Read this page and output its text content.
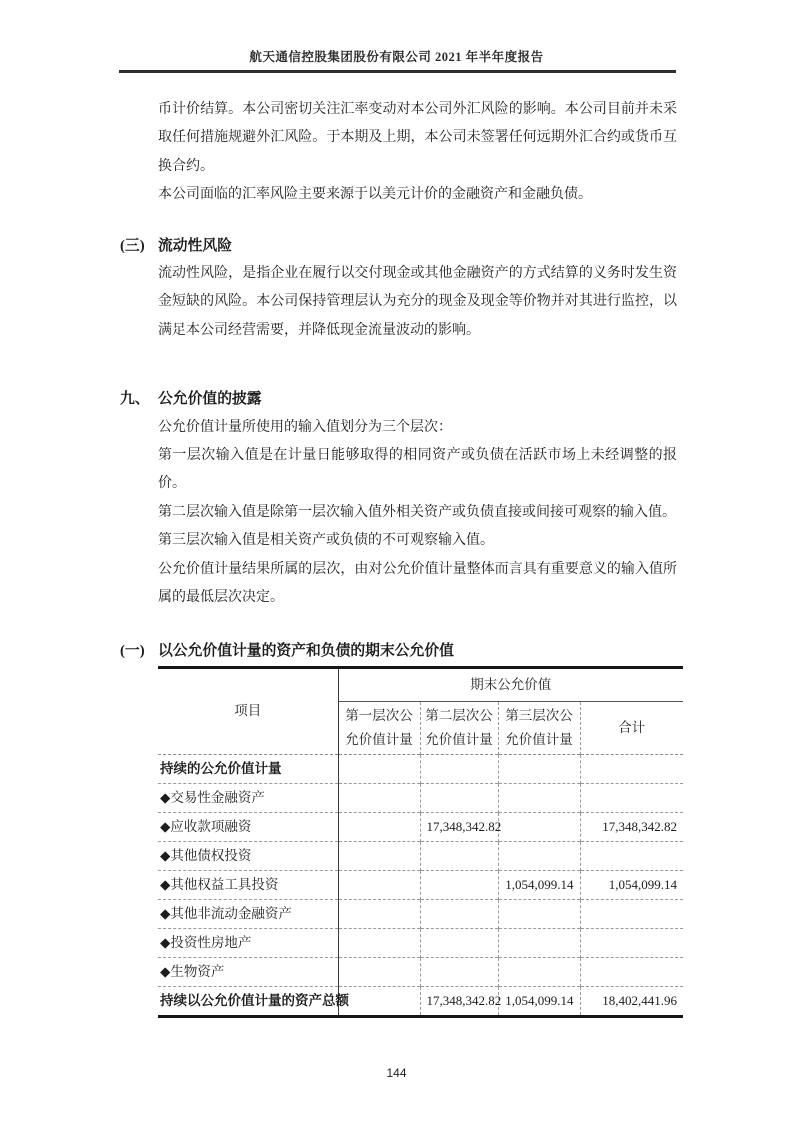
航天通信控股集团股份有限公司 2021 年半年度报告

币计价结算。本公司密切关注汇率变动对本公司外汇风险的影响。本公司目前并未采取任何措施规避外汇风险。于本期及上期，本公司未签署任何远期外汇合约或货币互换合约。

本公司面临的汇率风险主要来源于以美元计价的金融资产和金融负债。

(三) 流动性风险

流动性风险，是指企业在履行以交付现金或其他金融资产的方式结算的义务时发生资金短缺的风险。本公司保持管理层认为充分的现金及现金等价物并对其进行监控，以满足本公司经营需要，并降低现金流量波动的影响。

九、 公允价值的披露

公允价值计量所使用的输入值划分为三个层次：

第一层次输入值是在计量日能够取得的相同资产或负债在活跃市场上未经调整的报价。

第二层次输入值是除第一层次输入值外相关资产或负债直接或间接可观察的输入值。

第三层次输入值是相关资产或负债的不可观察输入值。

公允价值计量结果所属的层次，由对公允价值计量整体而言具有重要意义的输入值所属的最低层次决定。

(一) 以公允价值计量的资产和负债的期末公允价值
项目	期末公允价值			
	第一层次公允价值计量	第二层次公允价值计量	第三层次公允价值计量	合计
持续的公允价值计量				
◆交易性金融资产				
◆应收款项融资		17,348,342.82		17,348,342.82
◆其他债权投资				
◆其他权益工具投资			1,054,099.14	1,054,099.14
◆其他非流动金融资产				
◆投资性房地产				
◆生物资产				
持续以公允价值计量的资产总额		17,348,342.82	1,054,099.14	18,402,441.96
144
